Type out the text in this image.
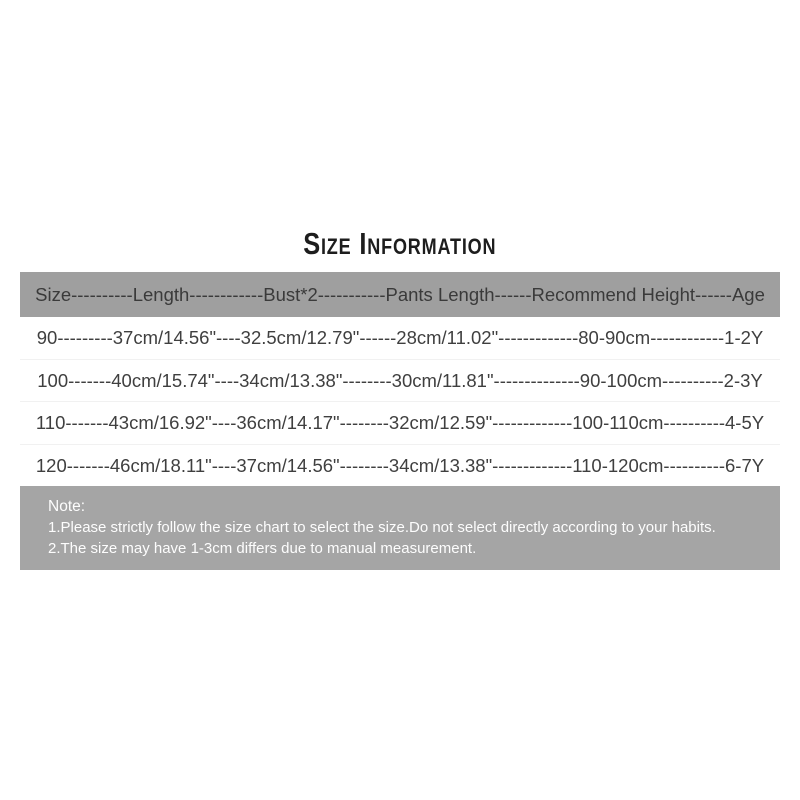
Size Information
Size----------Length------------Bust*2-----------Pants Length------Recommend Height------Age
90---------37cm/14.56"----32.5cm/12.79"------28cm/11.02"-------------80-90cm------------1-2Y
100-------40cm/15.74"----34cm/13.38"--------30cm/11.81"--------------90-100cm----------2-3Y
110-------43cm/16.92"----36cm/14.17"--------32cm/12.59"-------------100-110cm----------4-5Y
120-------46cm/18.11"----37cm/14.56"--------34cm/13.38"-------------110-120cm----------6-7Y
Note:
1.Please strictly follow the size chart to select the size.Do not select directly according to your habits.
2.The size may have 1-3cm differs due to manual measurement.
